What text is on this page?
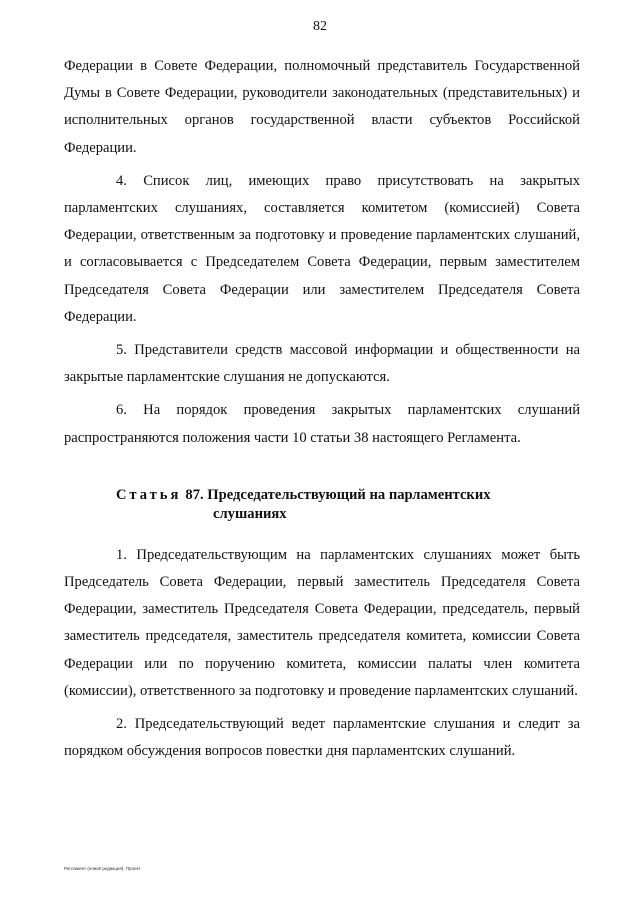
82

Федерации в Совете Федерации, полномочный представитель Государственной Думы в Совете Федерации, руководители законодательных (представительных) и исполнительных органов государственной власти субъектов Российской Федерации.

4. Список лиц, имеющих право присутствовать на закрытых парламентских слушаниях, составляется комитетом (комиссией) Совета Федерации, ответственным за подготовку и проведение парламентских слушаний, и согласовывается с Председателем Совета Федерации, первым заместителем Председателя Совета Федерации или заместителем Председателя Совета Федерации.

5. Представители средств массовой информации и общественности на закрытые парламентские слушания не допускаются.

6. На порядок проведения закрытых парламентских слушаний распространяются положения части 10 статьи 38 настоящего Регламента.

Статья 87. Председательствующий на парламентских
слушаниях

1. Председательствующим на парламентских слушаниях может быть Председатель Совета Федерации, первый заместитель Председателя Совета Федерации, заместитель Председателя Совета Федерации, председатель, первый заместитель председателя, заместитель председателя комитета, комиссии Совета Федерации или по поручению комитета, комиссии палаты член комитета (комиссии), ответственного за подготовку и проведение парламентских слушаний.

2. Председательствующий ведет парламентские слушания и следит за порядком обсуждения вопросов повестки дня парламентских слушаний.

Регламент (новая редакция). Проект
